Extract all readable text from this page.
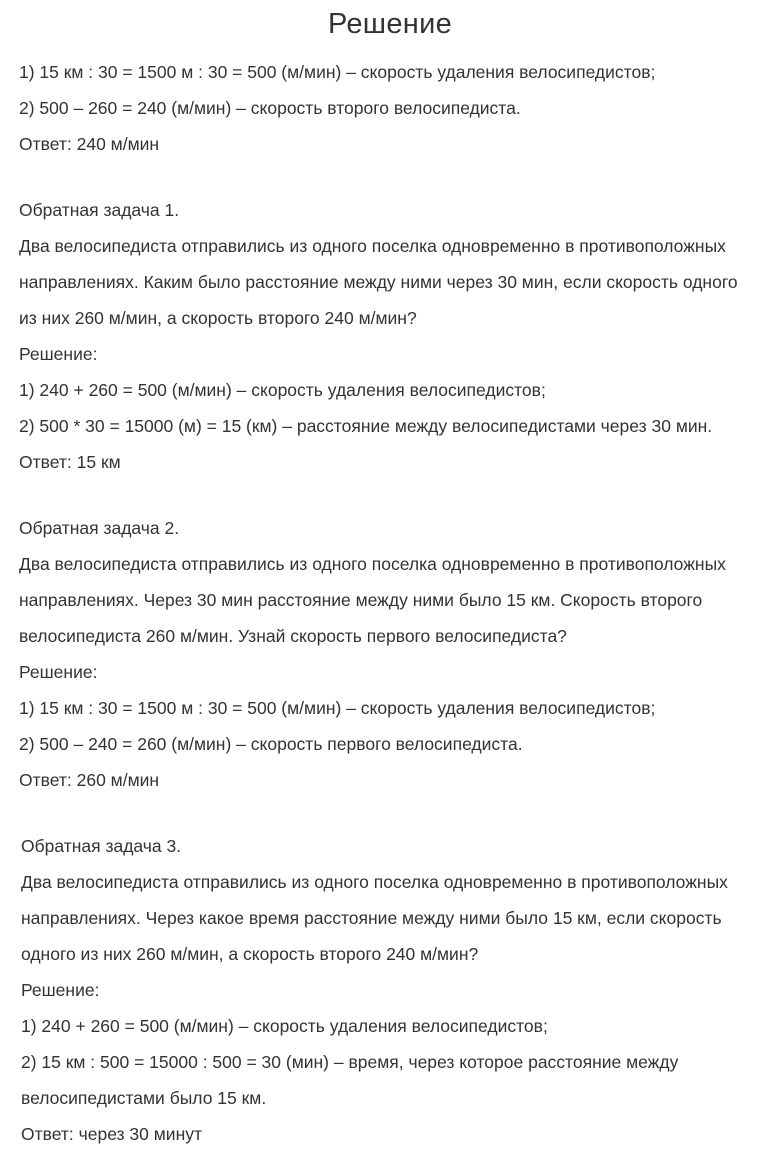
Решение
1) 15 км : 30 = 1500 м : 30 = 500 (м/мин) – скорость удаления велосипедистов;
2) 500 – 260 = 240 (м/мин) – скорость второго велосипедиста.
Ответ: 240 м/мин
Обратная задача 1.
Два велосипедиста отправились из одного поселка одновременно в противоположных
направлениях. Каким было расстояние между ними через 30 мин, если скорость одного
из них 260 м/мин, а скорость второго 240 м/мин?
Решение:
1) 240 + 260 = 500 (м/мин) – скорость удаления велосипедистов;
2) 500 * 30 = 15000 (м) = 15 (км) – расстояние между велосипедистами через 30 мин.
Ответ: 15 км
Обратная задача 2.
Два велосипедиста отправились из одного поселка одновременно в противоположных
направлениях. Через 30 мин расстояние между ними было 15 км. Скорость второго
велосипедиста 260 м/мин. Узнай скорость первого велосипедиста?
Решение:
1) 15 км : 30 = 1500 м : 30 = 500 (м/мин) – скорость удаления велосипедистов;
2) 500 – 240 = 260 (м/мин) – скорость первого велосипедиста.
Ответ: 260 м/мин
Обратная задача 3.
Два велосипедиста отправились из одного поселка одновременно в противоположных
направлениях. Через какое время расстояние между ними было 15 км, если скорость
одного из них 260 м/мин, а скорость второго 240 м/мин?
Решение:
1) 240 + 260 = 500 (м/мин) – скорость удаления велосипедистов;
2) 15 км : 500 = 15000 : 500 = 30 (мин) – время, через которое расстояние между
велосипедистами было 15 км.
Ответ: через 30 минут
